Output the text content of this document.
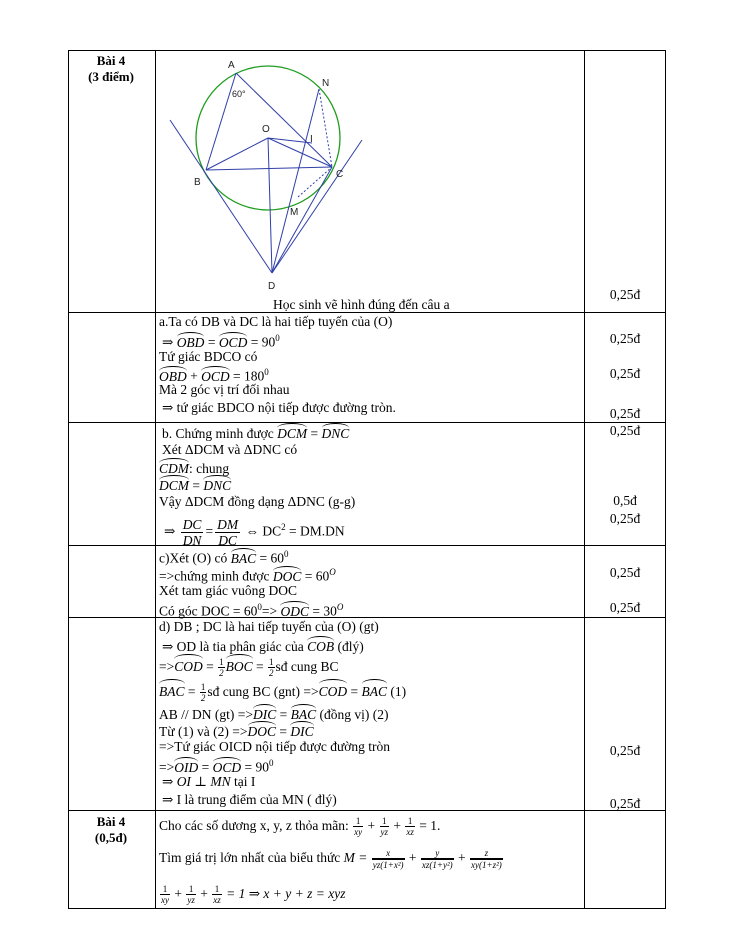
Bài 4
(3 điểm)
A
60°
N
O
I
B
C
M
D
Học sinh vẽ hình đúng đến câu a
0,25đ
a.Ta có DB và DC là hai tiếp tuyến của (O)
⇒ OBD = OCD = $90^0$
Tứ giác BDCO có
OBD + OCD = $180^0$
Mà 2 góc vị trí đối nhau
⇒ tứ giác BDCO nội tiếp được đường tròn.
0,25đ
0,25đ
0,25đ
b. Chứng minh được DCM = DNC
Xét ΔDCM và ΔDNC có
CDM: chung
DCM = DNC
Vậy ΔDCM đồng dạng ΔDNC (g-g)
⇒ $\frac{DC}{DN} = \frac{DM}{DC}$ ⇔ $DC^2 = DM.DN$
0,25đ
0,5đ
0,25đ
c)Xét (O) có BAC = $60^0$
=>chứng minh được DOC = $60^O$
Xét tam giác vuông DOC
Có góc DOC = $60^0=>$ ODC = $30^O$
0,25đ
0,25đ
d) DB ; DC là hai tiếp tuyến của (O) (gt)
⇒ OD là tia phân giác của COB (đlý)
$=>COD = \frac{1}{2}$ BOC = $\frac{1}{2}$ sđ cung BC
BAC = $\frac{1}{2}$ sđ cung BC (gnt) =>COD = BAC (1)
AB // DN (gt) =>DIC = BAC (đồng vị) (2)
Từ (1) và (2) =>DOC = DIC
=>Tứ giác OICD nội tiếp được đường tròn
=>OID = OCD = $90^0$
⇒ OI ⊥ MN tại I
⇒ I là trung điểm của MN ( đlý)
0,25đ
0,25đ
Bài 4
(0,5đ)
Cho các số dương x, y, z thỏa mãn: $\frac{1}{xy} + \frac{1}{yz} + \frac{1}{xz} = 1$.
Tìm giá trị lớn nhất của biểu thức $M = \frac{x}{\text{yz(1+x²)}} + \frac{y}{\text{xz(1+y²)}} + \frac{z}{\text{xy(1+z²)}}$
$\frac{1}{xy} + \frac{1}{yz} + \frac{1}{xz} = 1$ ⇒ x + y + z = xyz
